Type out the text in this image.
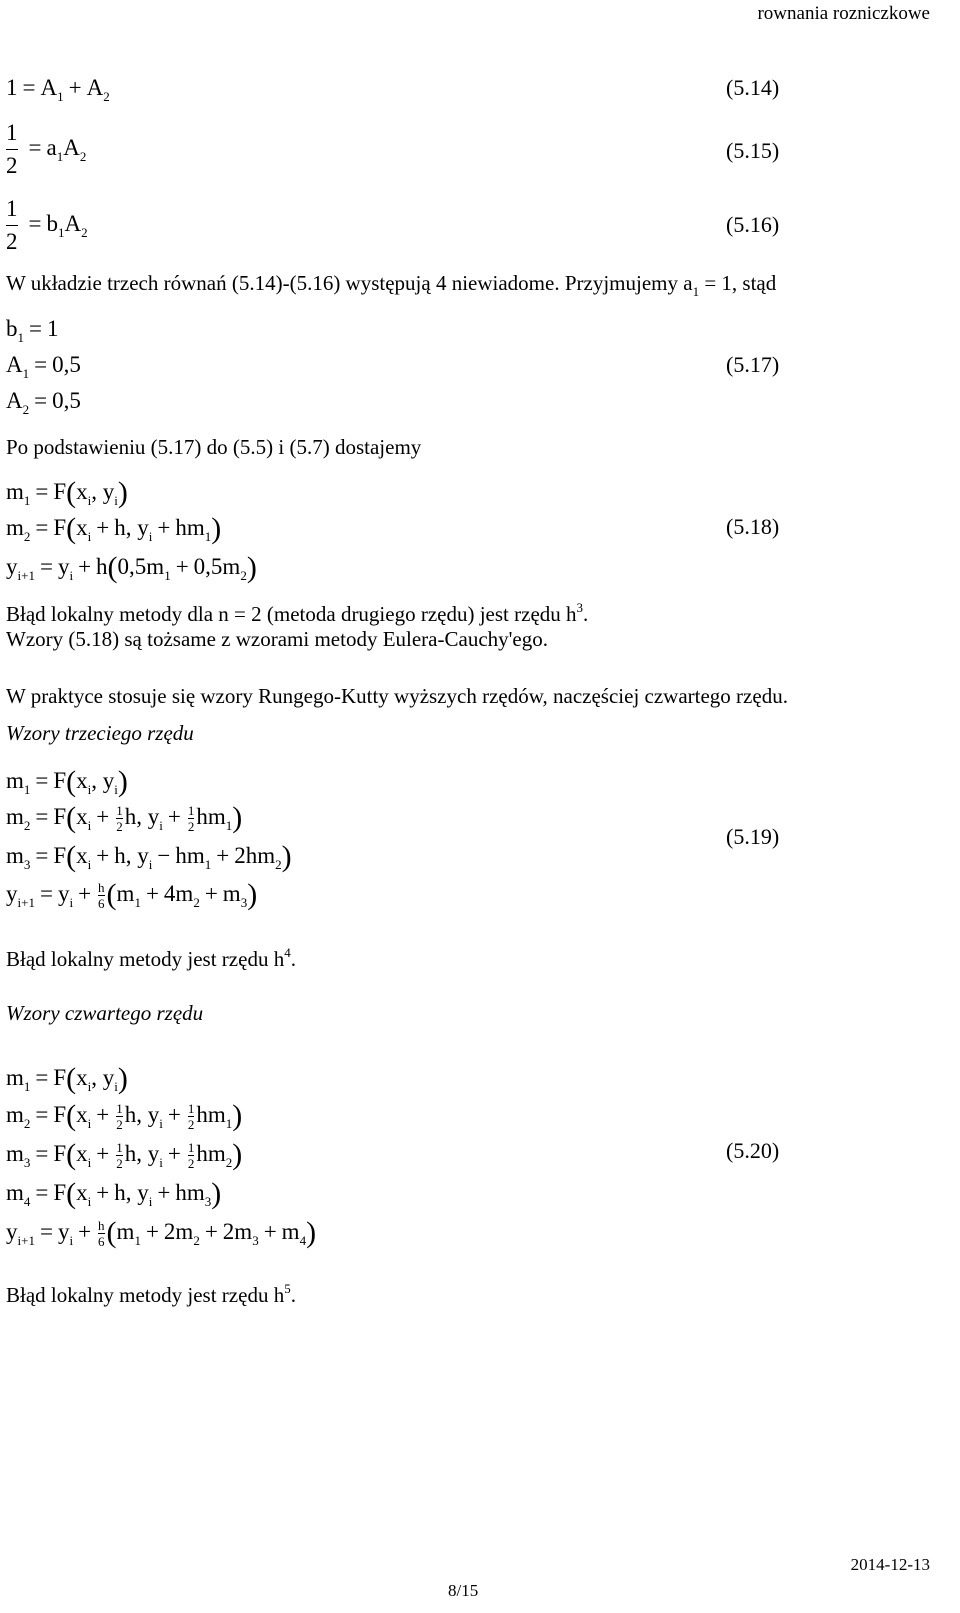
rownania rozniczkowe
$1 = A_1 + A_2$	(5.14)
$\frac{1}{2} = a_1A_2$	(5.15)
$\frac{1}{2} = b_1A_2$	(5.16)
W układzie trzech równań (5.14)-(5.16) występują 4 niewiadome. Przyjmujemy $a_1 = 1$, stąd
$b_1 = 1$
$A_1 = 0,5$
$A_2 = 0,5$
(5.17)
Po podstawieniu (5.17) do (5.5) i (5.7) dostajemy
$m_1 = F(x_i$, $y_i$)
$m_2 = F(x_i + h$, $y_i + hm_1$)
$y_{i+1} = y_i + h(0,5m_1 + 0,5m_2)$
(5.18)
Błąd lokalny metody dla n = 2 (metoda drugiego rzędu) jest rzędu $h^3$.
Wzory (5.18) są tożsame z wzorami metody Eulera-Cauchy'ego.
W praktyce stosuje się wzory Rungego-Kutty wyższych rzędów, naczęściej czwartego rzędu.
Wzory trzeciego rzędu
$m_1 = F(x_i$, $y_i$)
$m_2 = F(x_i + \frac{1}{2} h$, $y_i + \frac{1}{2} hm_1$)
$m_3 = F(x_i + h$, $y_i - hm_1 + 2hm_2$)
$y_{i+1} = y_i + \frac{h}{6} (m_1 + 4m_2 + m_3)$
(5.19)
Błąd lokalny metody jest rzędu $h^4$.
Wzory czwartego rzędu
$m_1 = F(x_i$, $y_i$)
$m_2 = F(x_i + \frac{1}{2} h$, $y_i + \frac{1}{2} hm_1$)
$m_3 = F(x_i + \frac{1}{2} h$, $y_i + \frac{1}{2} hm_2$)
$m_4 = F(x_i + h$, $y_i + hm_3$)
$y_{i+1} = y_i + \frac{h}{6} (m_1 + 2m_2 + 2m_3 + m_4)$
(5.20)
Błąd lokalny metody jest rzędu $h^5$.
2014-12-13
8/15
